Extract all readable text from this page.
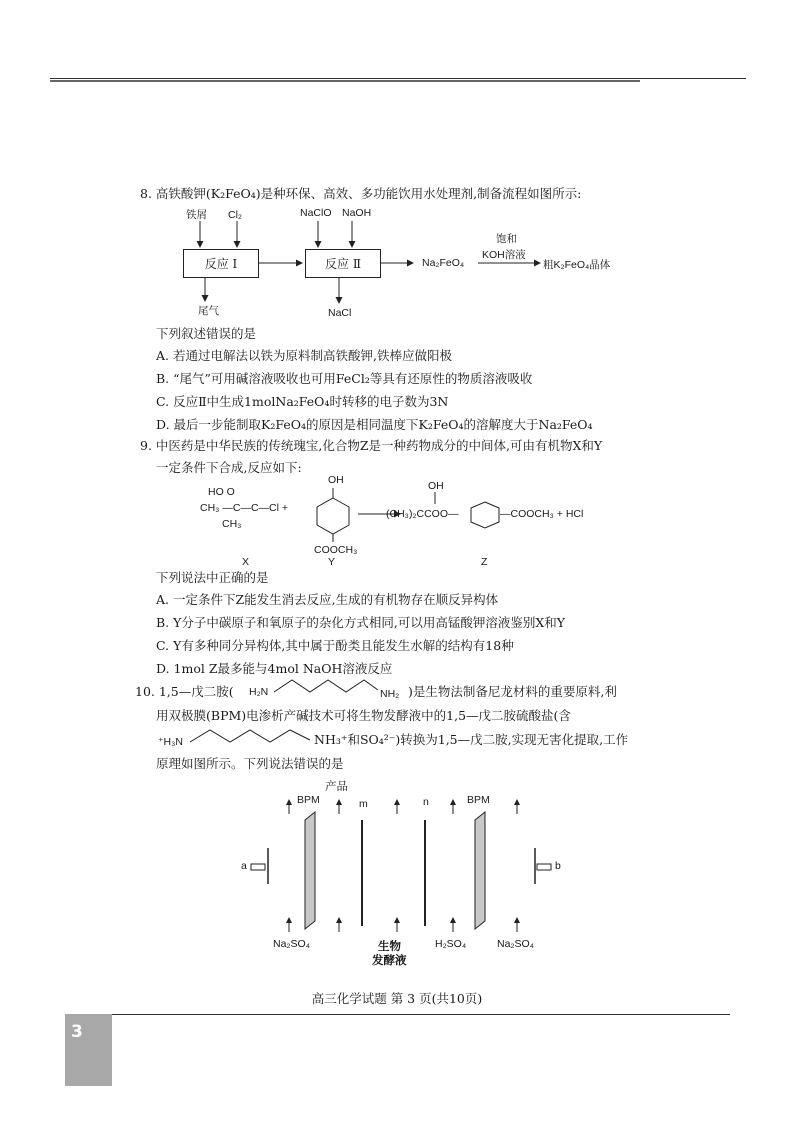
8. 高铁酸钾(K₂FeO₄)是种环保、高效、多功能饮用水处理剂,制备流程如图所示:
铁屑 Cl₂	NaClO NaOH
反应 Ⅰ	反应 Ⅱ	Na₂FeO₄
饱和
KOH溶液
粗K₂FeO₄晶体
尾气	NaCl
下列叙述错误的是
A. 若通过电解法以铁为原料制高铁酸钾,铁棒应做阳极
B. “尾气”可用碱溶液吸收也可用FeCl₂等具有还原性的物质溶液吸收
C. 反应Ⅱ中生成1molNa₂FeO₄时转移的电子数为3N
D. 最后一步能制取K₂FeO₄的原因是相同温度下K₂FeO₄的溶解度大于Na₂FeO₄
9. 中医药是中华民族的传统瑰宝,化合物Z是一种药物成分的中间体,可由有机物X和Y
一定条件下合成,反应如下:
HO O
CH₃ —C—C—Cl +
CH₃
OH
COOCH₃
OH
(CH₃)₂CCOO—	—COOCH₃ + HCl
X	Y	Z
下列说法中正确的是
A. 一定条件下Z能发生消去反应,生成的有机物存在顺反异构体
B. Y分子中碳原子和氧原子的杂化方式相同,可以用高锰酸钾溶液鉴别X和Y
C. Y有多种同分异构体,其中属于酚类且能发生水解的结构有18种
D. 1mol Z最多能与4mol NaOH溶液反应
10. 1,5—戊二胺( H₂N	NH₂ )是生物法制备尼龙材料的重要原料,利
用双极膜(BPM)电渗析产碱技术可将生物发酵液中的1,5—戊二胺硫酸盐(含
⁺H₃N	NH₃⁺和SO₄²⁻)转换为1,5—戊二胺,实现无害化提取,工作
原理如图所示。下列说法错误的是
产品
BPM	m	n	BPM
a	b
Na₂SO₄	生物
发酵液
H₂SO₄	Na₂SO₄
高三化学试题 第 3 页(共10页)
3
